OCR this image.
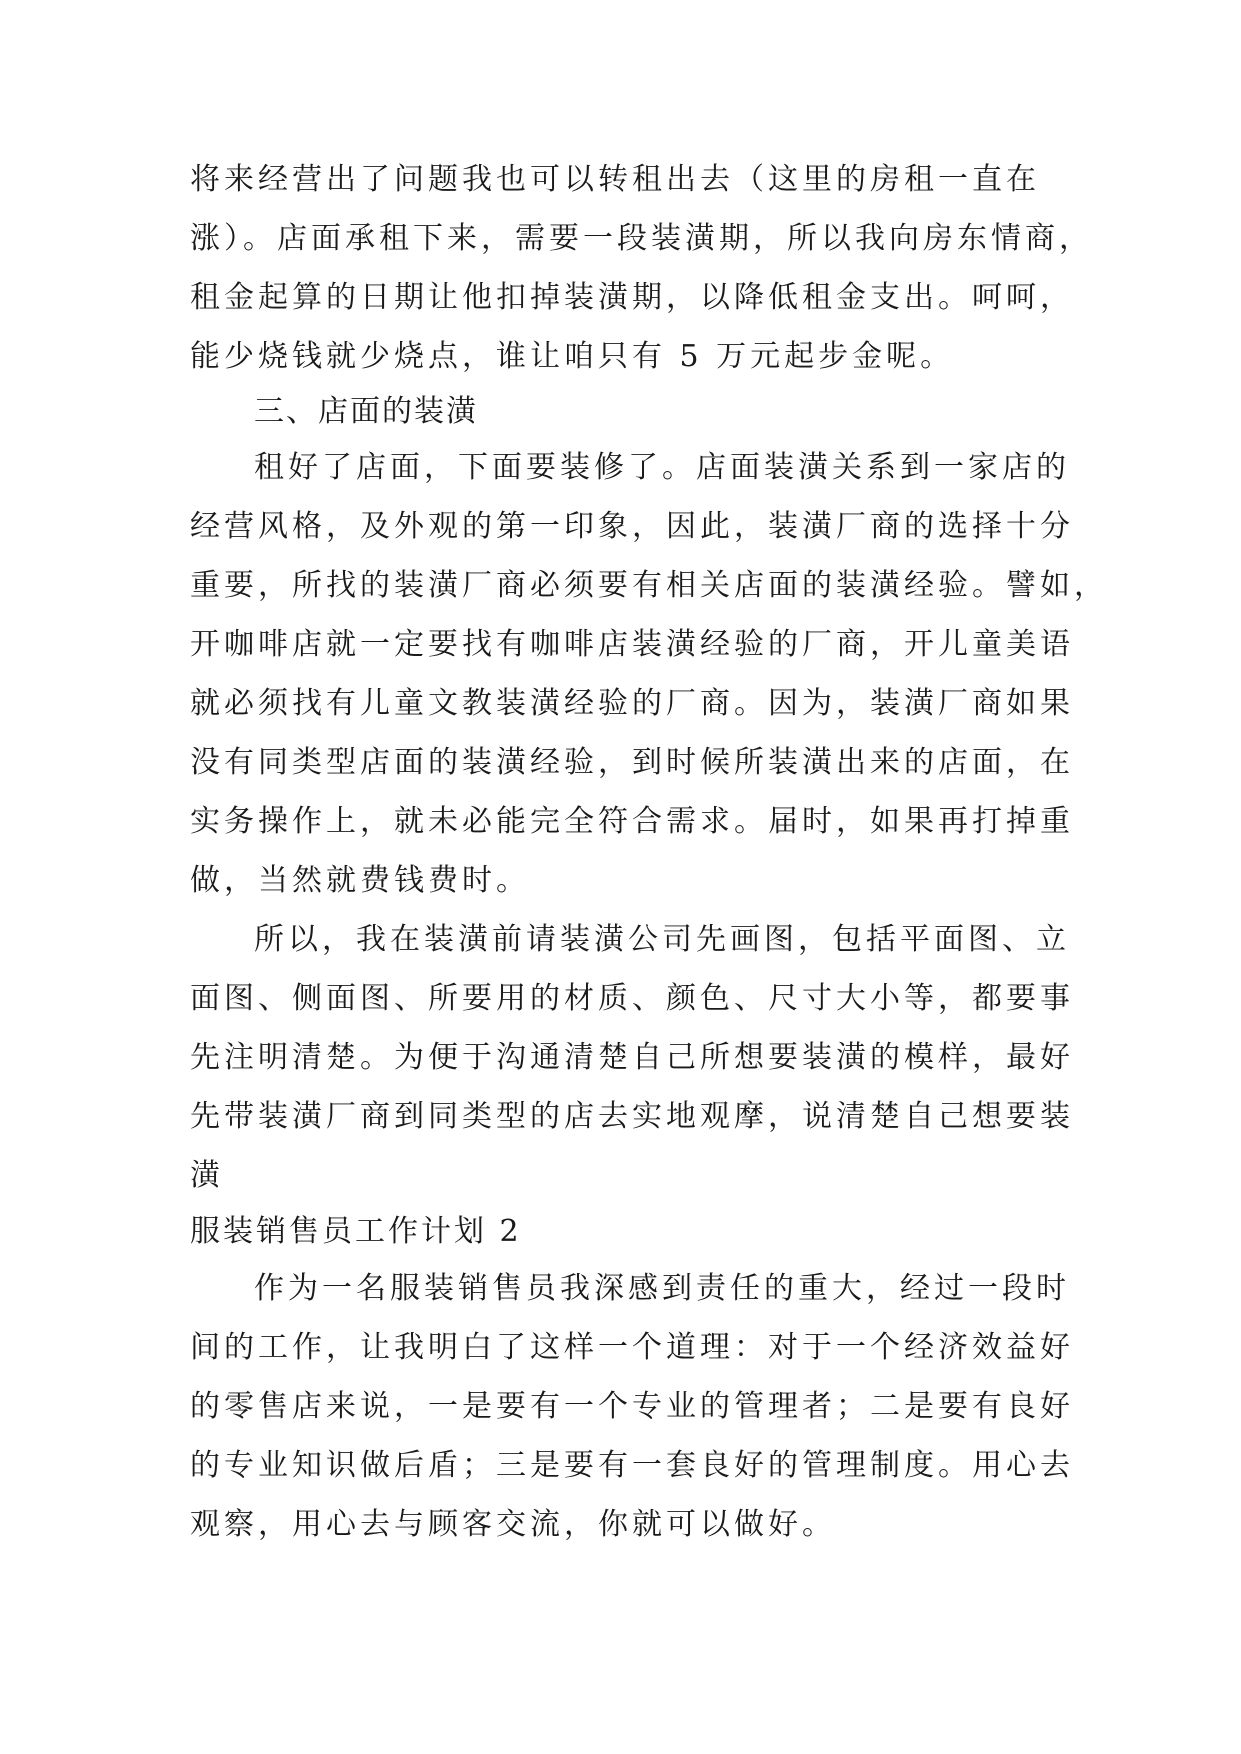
将来经营出了问题我也可以转租出去（这里的房租一直在
涨）。店面承租下来，需要一段装潢期，所以我向房东情商，
租金起算的日期让他扣掉装潢期，以降低租金支出。呵呵，
能少烧钱就少烧点，谁让咱只有 5 万元起步金呢。
三、店面的装潢
租好了店面，下面要装修了。店面装潢关系到一家店的
经营风格，及外观的第一印象，因此，装潢厂商的选择十分
重要，所找的装潢厂商必须要有相关店面的装潢经验。譬如，
开咖啡店就一定要找有咖啡店装潢经验的厂商，开儿童美语
就必须找有儿童文教装潢经验的厂商。因为，装潢厂商如果
没有同类型店面的装潢经验，到时候所装潢出来的店面，在
实务操作上，就未必能完全符合需求。届时，如果再打掉重
做，当然就费钱费时。
所以，我在装潢前请装潢公司先画图，包括平面图、立
面图、侧面图、所要用的材质、颜色、尺寸大小等，都要事
先注明清楚。为便于沟通清楚自己所想要装潢的模样，最好
先带装潢厂商到同类型的店去实地观摩，说清楚自己想要装
潢
服装销售员工作计划 2
作为一名服装销售员我深感到责任的重大，经过一段时
间的工作，让我明白了这样一个道理：对于一个经济效益好
的零售店来说，一是要有一个专业的管理者；二是要有良好
的专业知识做后盾；三是要有一套良好的管理制度。用心去
观察，用心去与顾客交流，你就可以做好。
